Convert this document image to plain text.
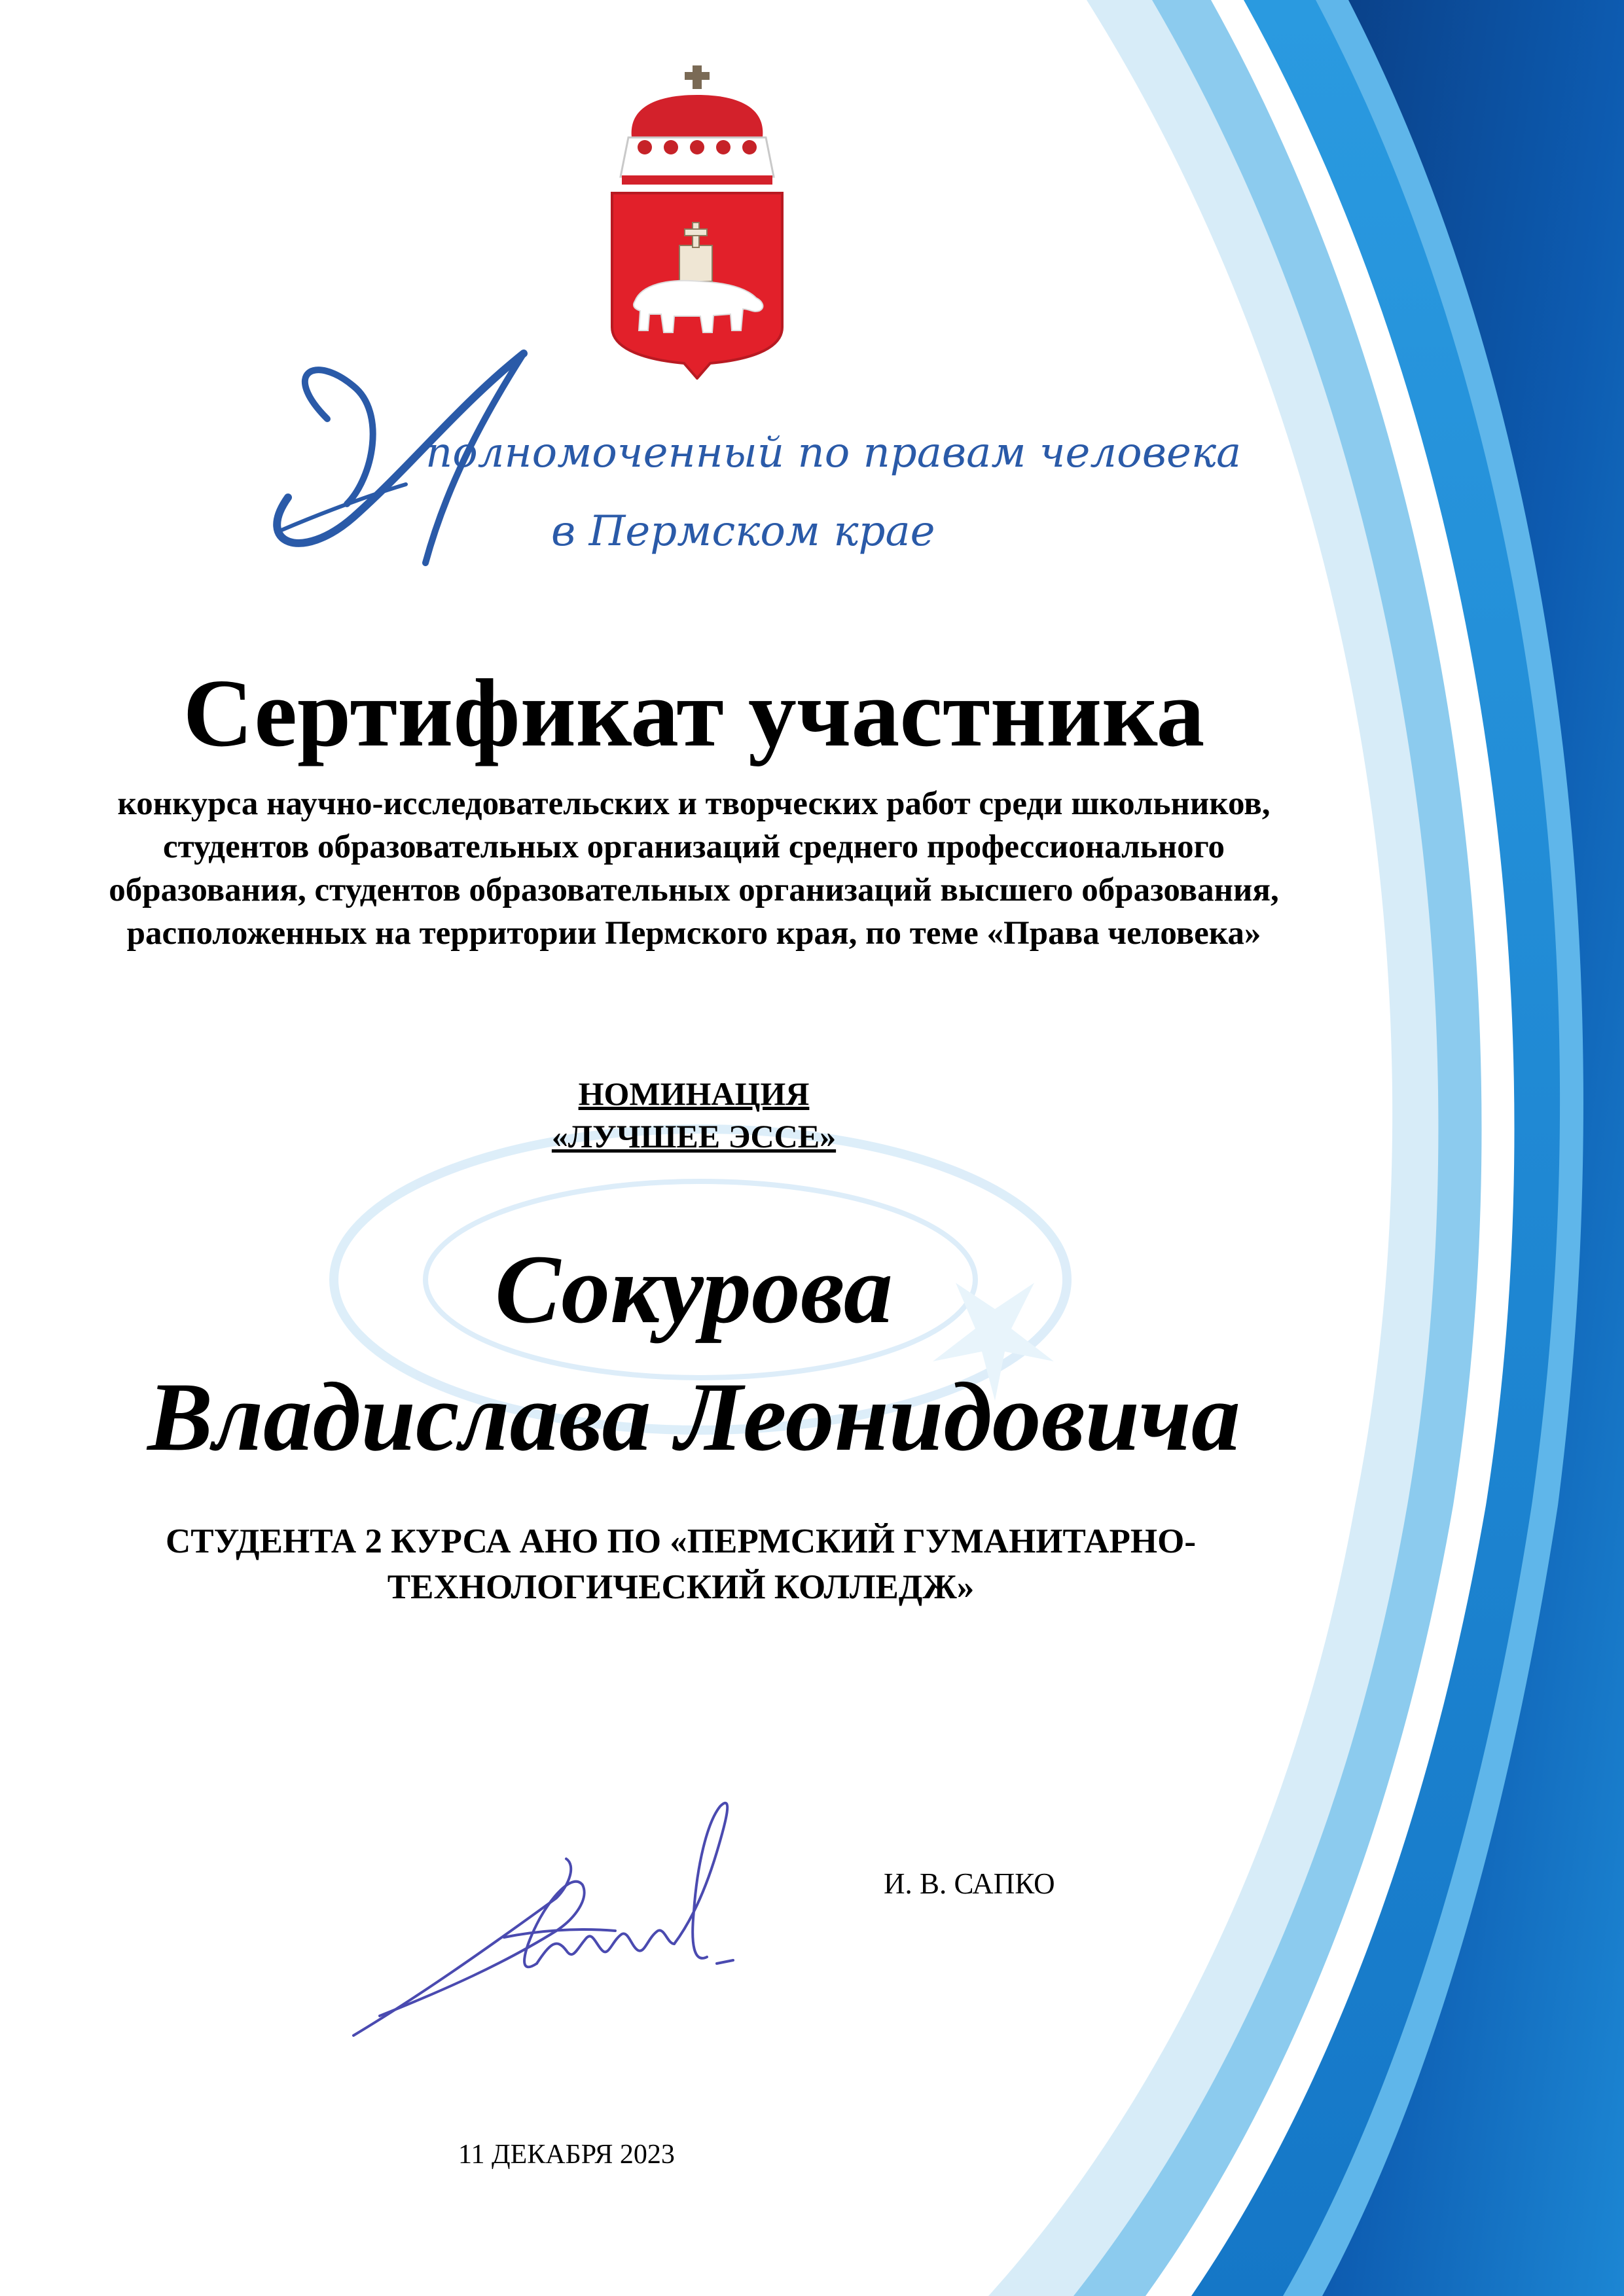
полномоченный по правам человека
в Пермском крае
Сертификат участника
конкурса научно-исследовательских и творческих работ среди школьников, студентов образовательных организаций среднего профессионального образования, студентов образовательных организаций высшего образования, расположенных на территории Пермского края, по теме «Права человека»
НОМИНАЦИЯ
«ЛУЧШЕЕ ЭССЕ»
Сокурова
Владислава Леонидовича
СТУДЕНТА 2 КУРСА АНО ПО «ПЕРМСКИЙ ГУМАНИТАРНО-ТЕХНОЛОГИЧЕСКИЙ КОЛЛЕДЖ»
И. В. САПКО
11 ДЕКАБРЯ 2023
